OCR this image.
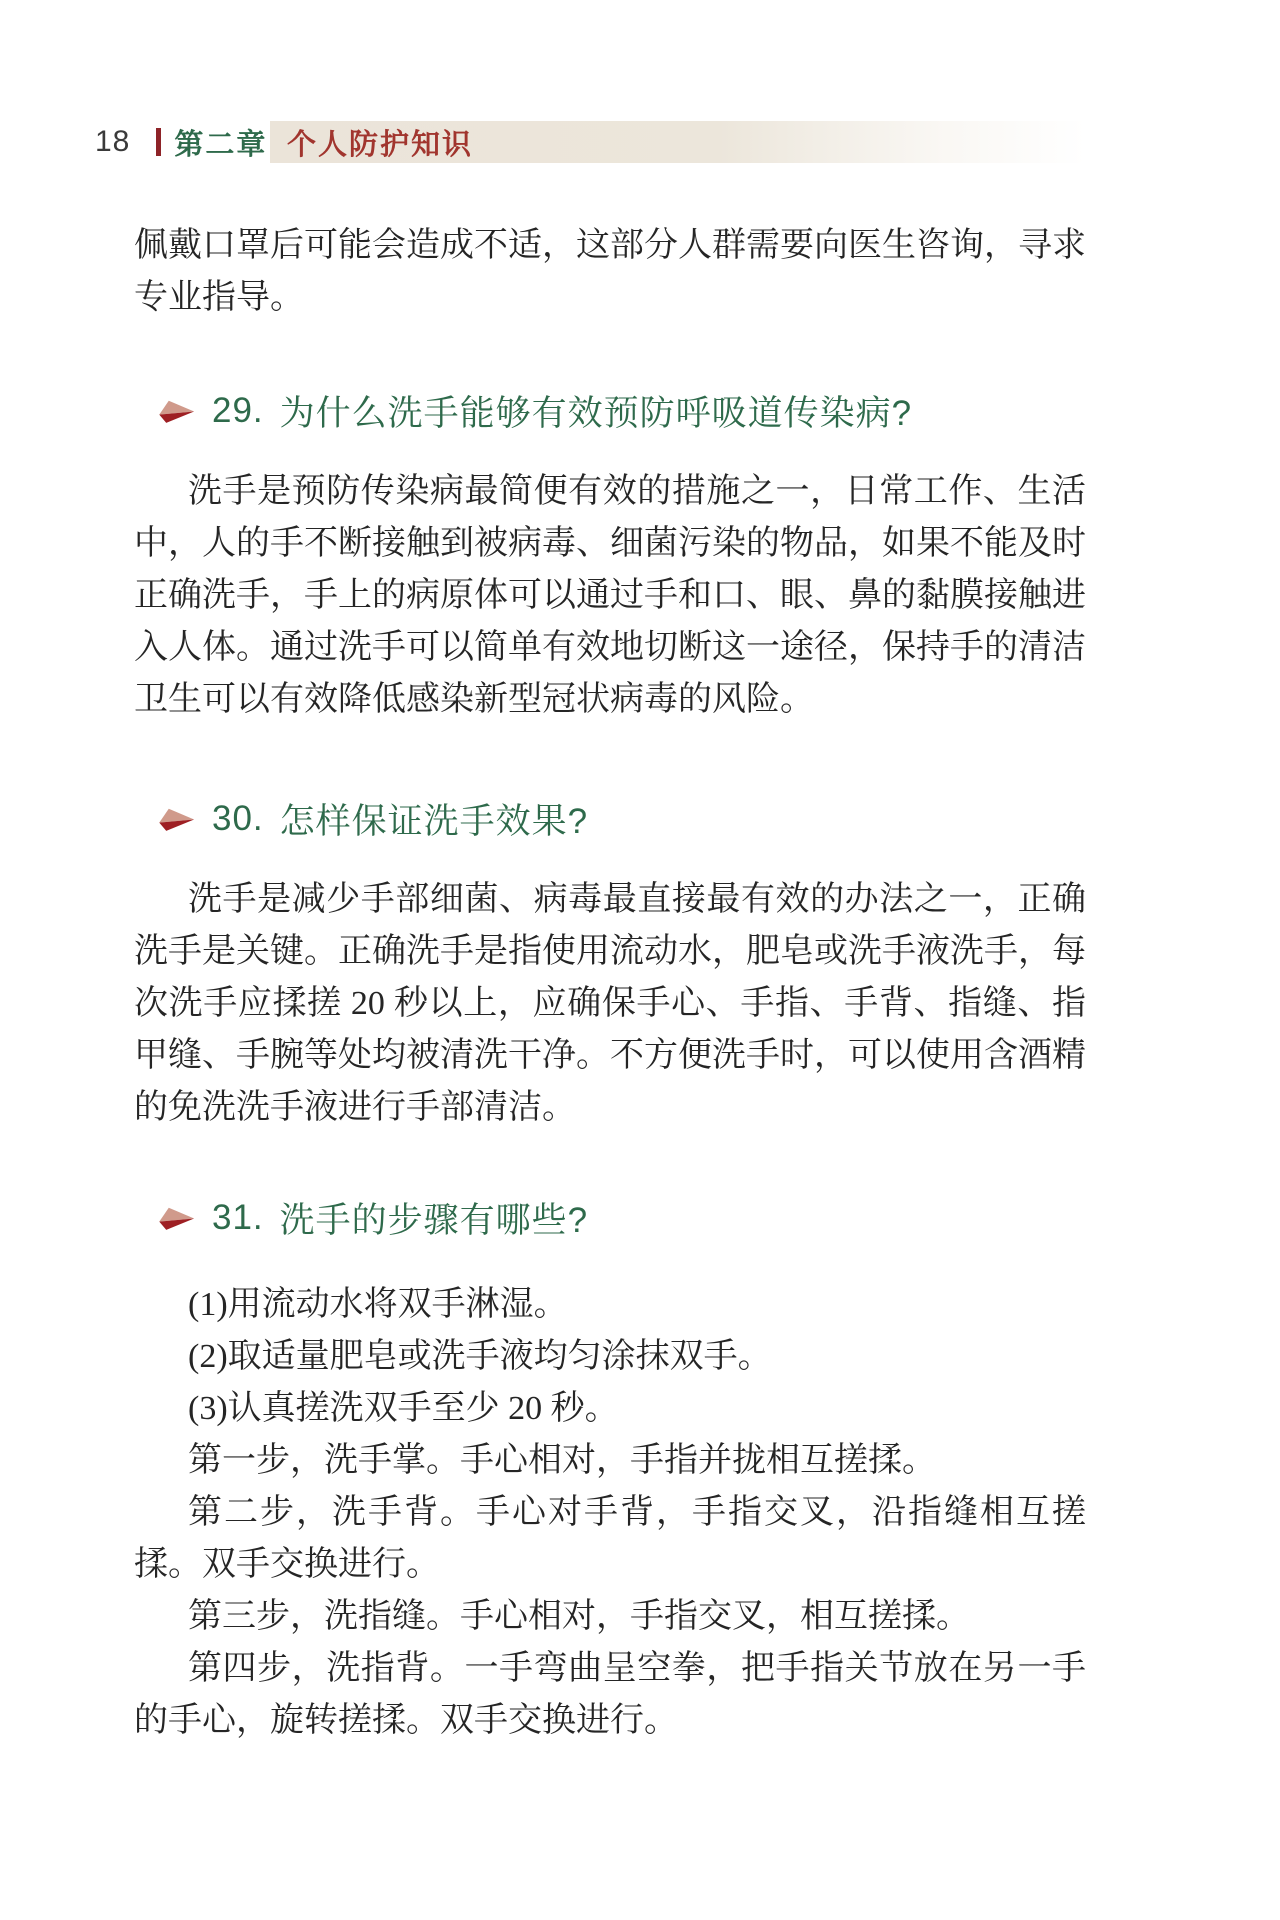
18 第二章 个人防护知识

佩戴口罩后可能会造成不适，这部分人群需要向医生咨询，寻求专业指导。

29. 为什么洗手能够有效预防呼吸道传染病?

洗手是预防传染病最简便有效的措施之一，日常工作、生活中，人的手不断接触到被病毒、细菌污染的物品，如果不能及时正确洗手，手上的病原体可以通过手和口、眼、鼻的黏膜接触进入人体。通过洗手可以简单有效地切断这一途径，保持手的清洁卫生可以有效降低感染新型冠状病毒的风险。

30. 怎样保证洗手效果?

洗手是减少手部细菌、病毒最直接最有效的办法之一，正确洗手是关键。正确洗手是指使用流动水，肥皂或洗手液洗手，每次洗手应揉搓 20 秒以上，应确保手心、手指、手背、指缝、指甲缝、手腕等处均被清洗干净。不方便洗手时，可以使用含酒精的免洗洗手液进行手部清洁。

31. 洗手的步骤有哪些?

(1)用流动水将双手淋湿。

(2)取适量肥皂或洗手液均匀涂抹双手。

(3)认真搓洗双手至少 20 秒。

第一步，洗手掌。手心相对，手指并拢相互搓揉。

第二步，洗手背。手心对手背，手指交叉，沿指缝相互搓揉。双手交换进行。

第三步，洗指缝。手心相对，手指交叉，相互搓揉。

第四步，洗指背。一手弯曲呈空拳，把手指关节放在另一手的手心，旋转搓揉。双手交换进行。
